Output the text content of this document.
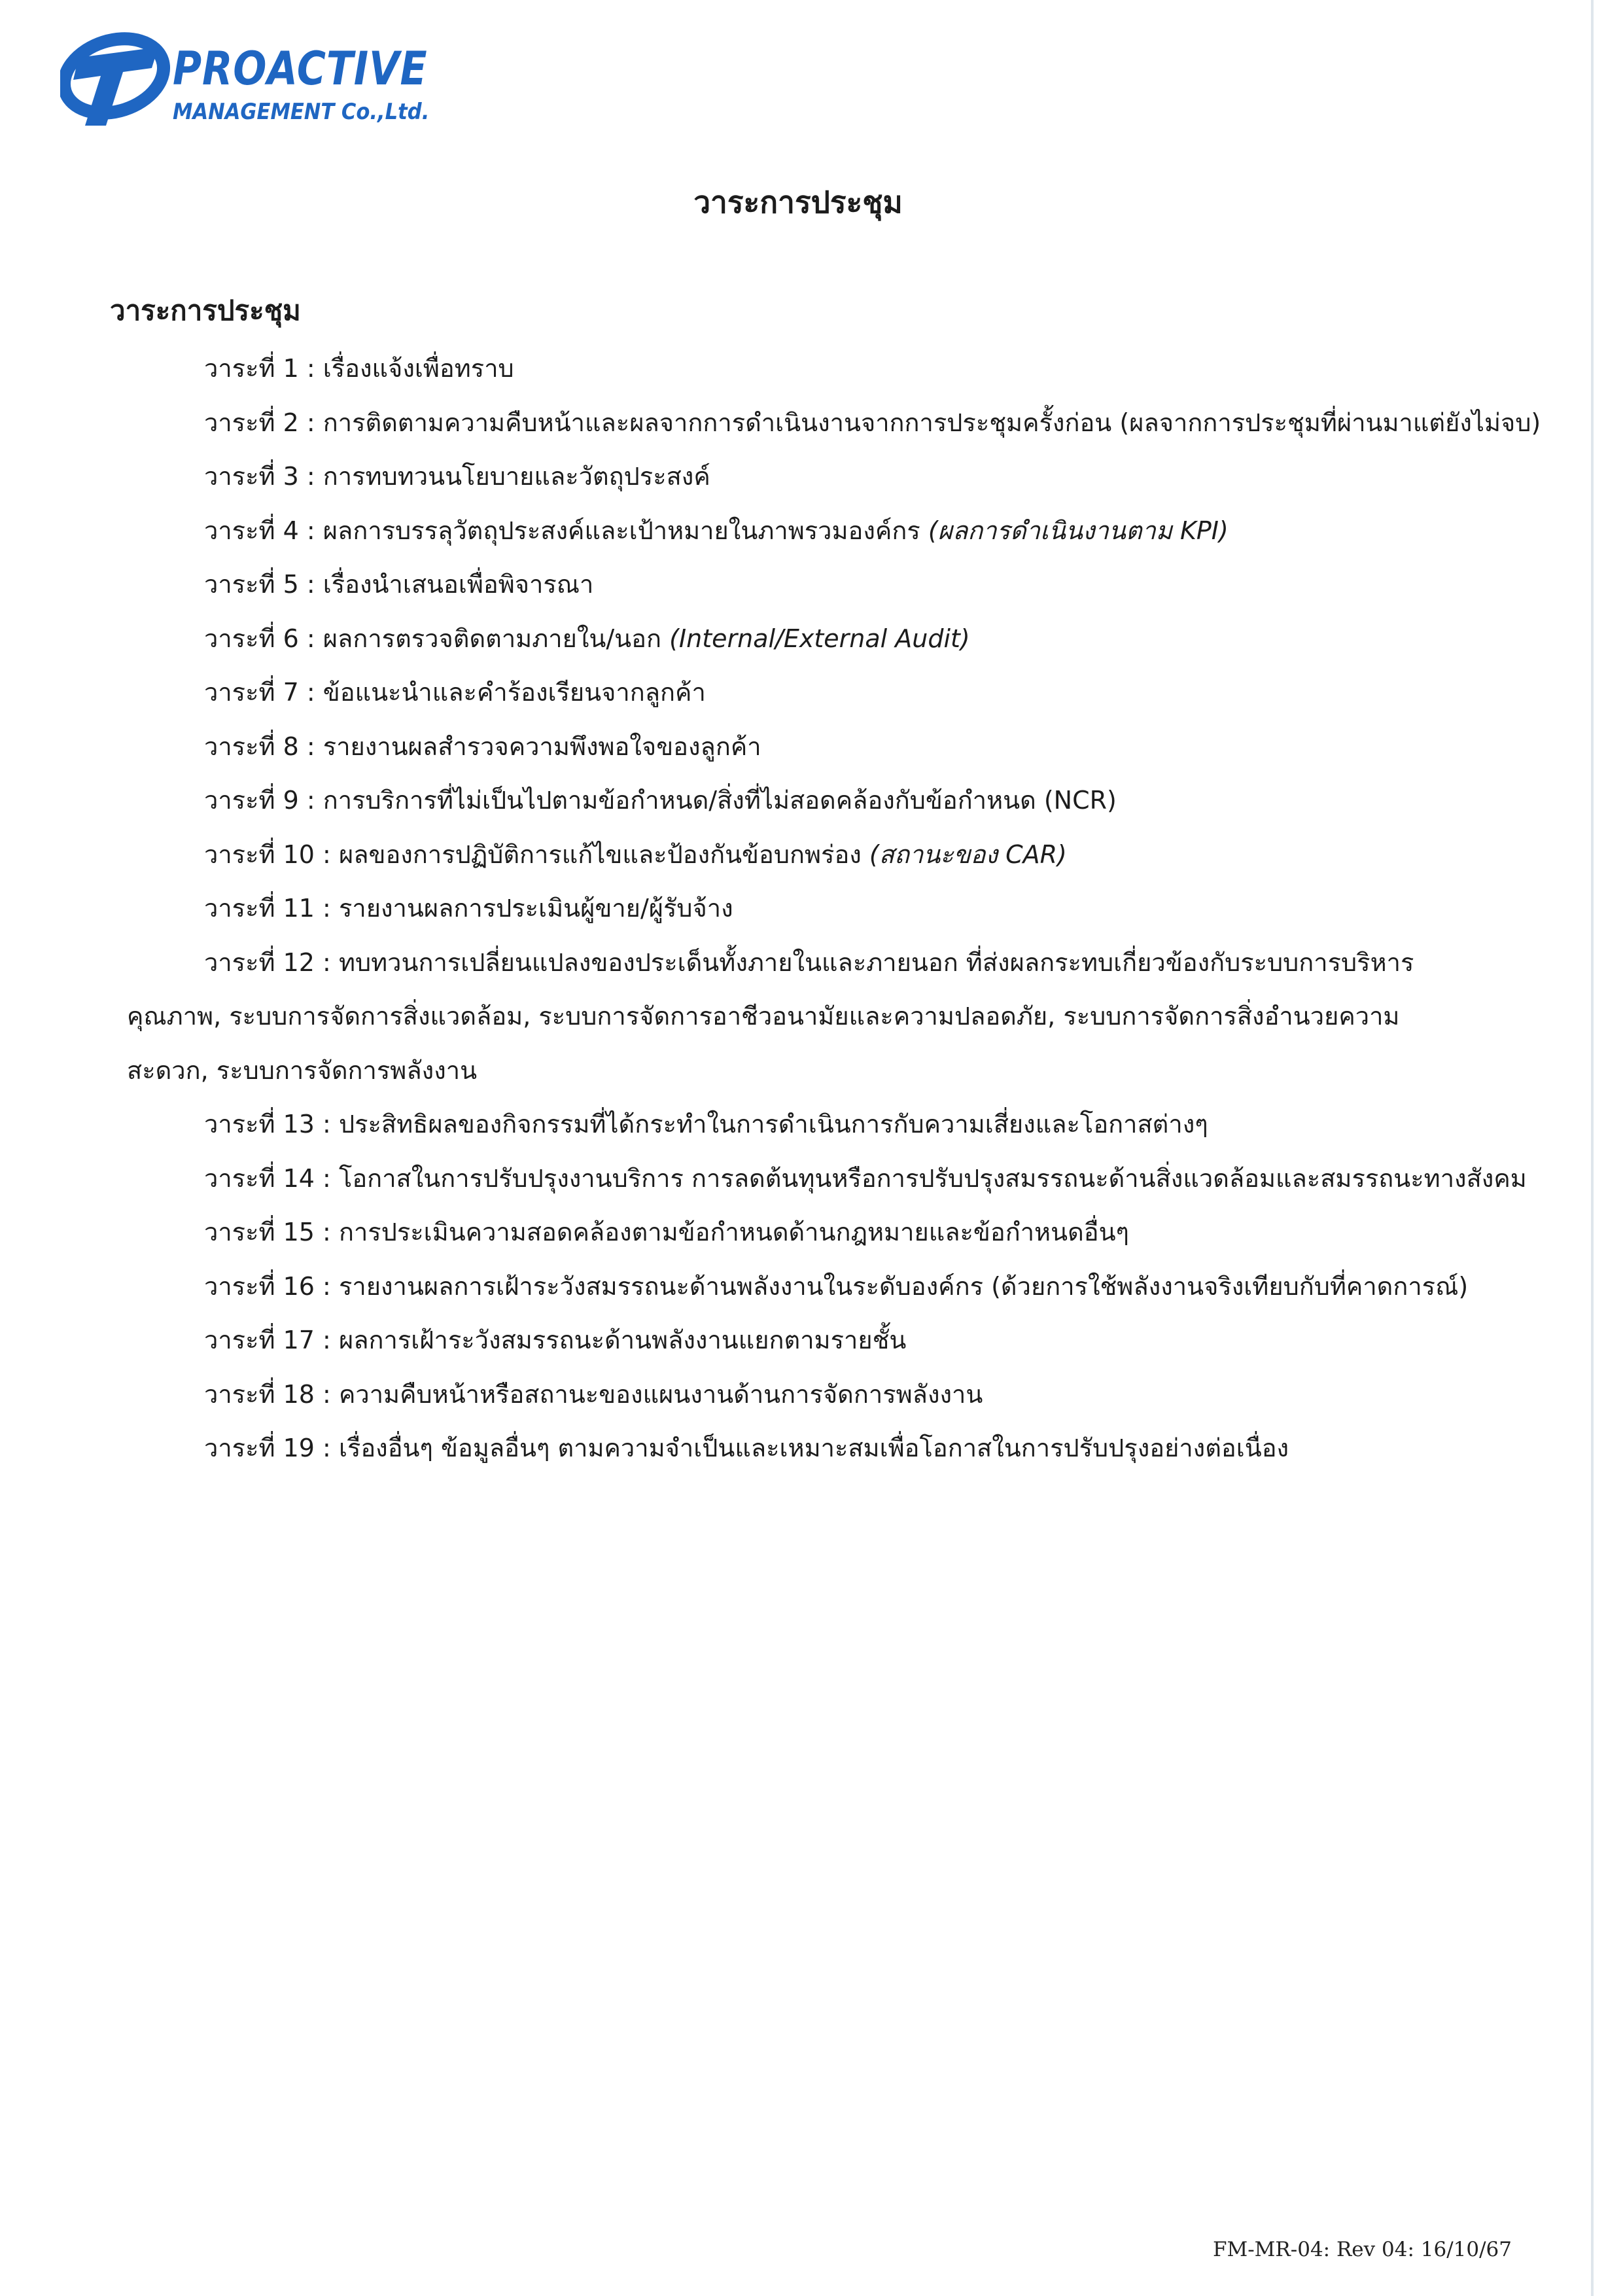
PROACTIVE
MANAGEMENT Co.,Ltd.
วาระการประชุม
วาระการประชุม
วาระที่ 1 : เรื่องแจ้งเพื่อทราบ
วาระที่ 2 : การติดตามความคืบหน้าและผลจากการดำเนินงานจากการประชุมครั้งก่อน (ผลจากการประชุมที่ผ่านมาแต่ยังไม่จบ)
วาระที่ 3 : การทบทวนนโยบายและวัตถุประสงค์
วาระที่ 4 : ผลการบรรลุวัตถุประสงค์และเป้าหมายในภาพรวมองค์กร (ผลการดำเนินงานตาม KPI)
วาระที่ 5 : เรื่องนำเสนอเพื่อพิจารณา
วาระที่ 6 : ผลการตรวจติดตามภายใน/นอก (Internal/External Audit)
วาระที่ 7 : ข้อแนะนำและคำร้องเรียนจากลูกค้า
วาระที่ 8 : รายงานผลสำรวจความพึงพอใจของลูกค้า
วาระที่ 9 : การบริการที่ไม่เป็นไปตามข้อกำหนด/สิ่งที่ไม่สอดคล้องกับข้อกำหนด (NCR)
วาระที่ 10 : ผลของการปฏิบัติการแก้ไขและป้องกันข้อบกพร่อง (สถานะของ CAR)
วาระที่ 11 : รายงานผลการประเมินผู้ขาย/ผู้รับจ้าง
วาระที่ 12 : ทบทวนการเปลี่ยนแปลงของประเด็นทั้งภายในและภายนอก ที่ส่งผลกระทบเกี่ยวข้องกับระบบการบริหารคุณภาพ, ระบบการจัดการสิ่งแวดล้อม, ระบบการจัดการอาชีวอนามัยและความปลอดภัย, ระบบการจัดการสิ่งอำนวยความสะดวก, ระบบการจัดการพลังงาน
วาระที่ 13 : ประสิทธิผลของกิจกรรมที่ได้กระทำในการดำเนินการกับความเสี่ยงและโอกาสต่างๆ
วาระที่ 14 : โอกาสในการปรับปรุงงานบริการ การลดต้นทุนหรือการปรับปรุงสมรรถนะด้านสิ่งแวดล้อมและสมรรถนะทางสังคม
วาระที่ 15 : การประเมินความสอดคล้องตามข้อกำหนดด้านกฎหมายและข้อกำหนดอื่นๆ
วาระที่ 16 : รายงานผลการเฝ้าระวังสมรรถนะด้านพลังงานในระดับองค์กร (ด้วยการใช้พลังงานจริงเทียบกับที่คาดการณ์)
วาระที่ 17 : ผลการเฝ้าระวังสมรรถนะด้านพลังงานแยกตามรายชั้น
วาระที่ 18 : ความคืบหน้าหรือสถานะของแผนงานด้านการจัดการพลังงาน
วาระที่ 19 : เรื่องอื่นๆ ข้อมูลอื่นๆ ตามความจำเป็นและเหมาะสมเพื่อโอกาสในการปรับปรุงอย่างต่อเนื่อง
FM-MR-04: Rev 04: 16/10/67
